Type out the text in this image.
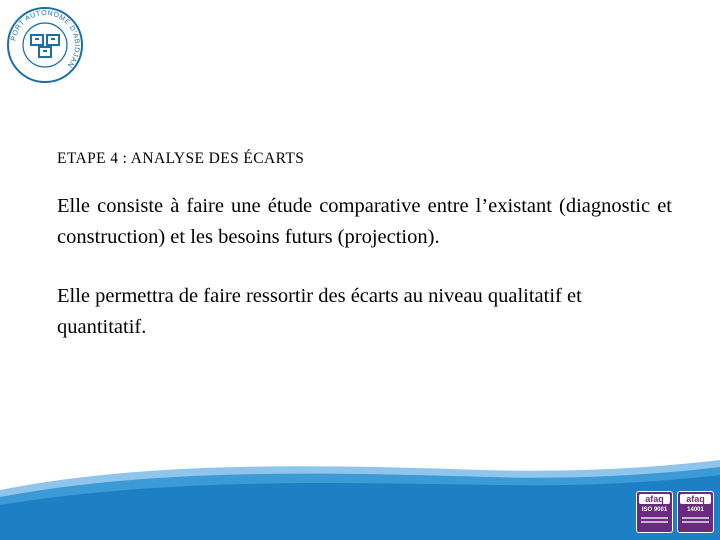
PORT AUTONOME D'ABIDJAN
ETAPE 4 : ANALYSE DES ÉCARTS

Elle consiste à faire une étude comparative entre l’existant (diagnostic et construction) et les besoins futurs (projection).

Elle permettra de faire ressortir des écarts au niveau qualitatif et quantitatif.

afaq
ISO 9001
afaq
14001
